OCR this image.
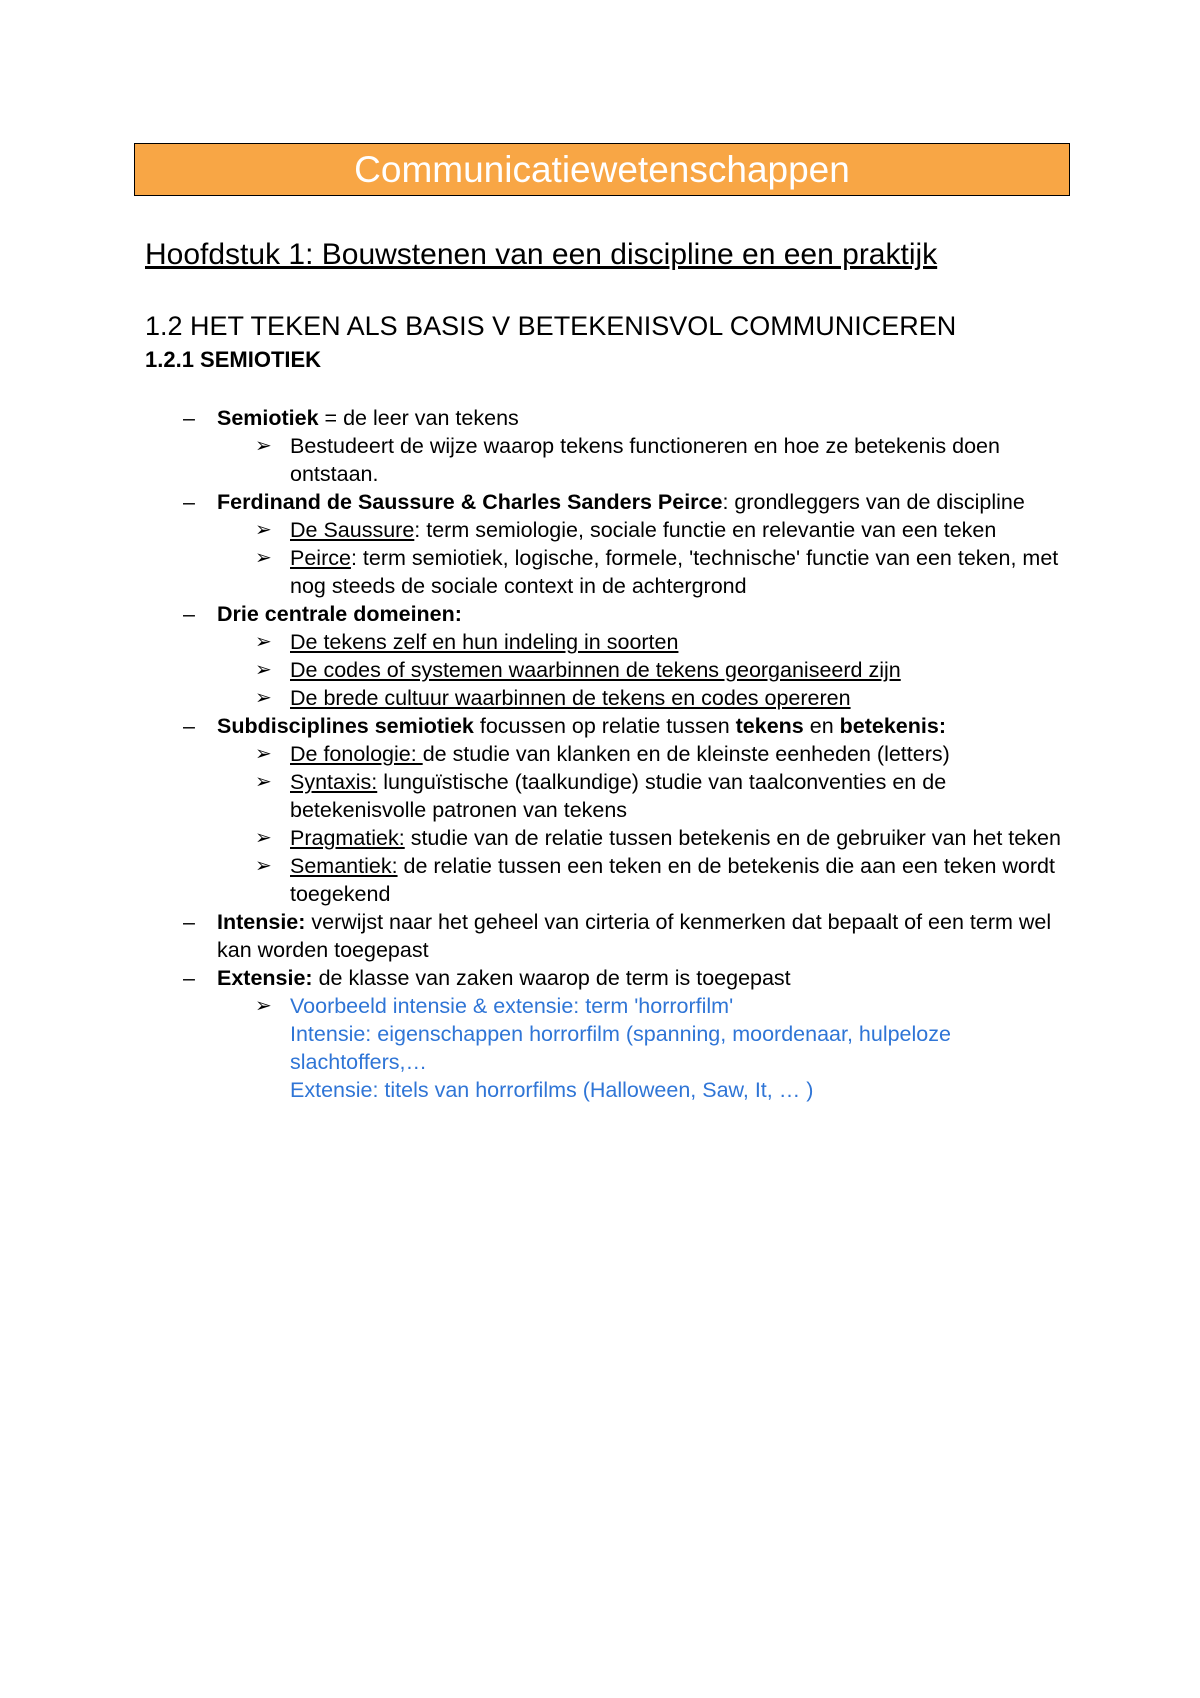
Communicatiewetenschappen
Hoofdstuk 1: Bouwstenen van een discipline en een praktijk
1.2 HET TEKEN ALS BASIS V BETEKENISVOL COMMUNICEREN
1.2.1 SEMIOTIEK
– Semiotiek = de leer van tekens
➢ Bestudeert de wijze waarop tekens functioneren en hoe ze betekenis doen ontstaan.
– Ferdinand de Saussure & Charles Sanders Peirce: grondleggers van de discipline
➢ De Saussure: term semiologie, sociale functie en relevantie van een teken
➢ Peirce: term semiotiek, logische, formele, 'technische' functie van een teken, met nog steeds de sociale context in de achtergrond
– Drie centrale domeinen:
➢ De tekens zelf en hun indeling in soorten
➢ De codes of systemen waarbinnen de tekens georganiseerd zijn
➢ De brede cultuur waarbinnen de tekens en codes opereren
– Subdisciplines semiotiek focussen op relatie tussen tekens en betekenis:
➢ De fonologie: de studie van klanken en de kleinste eenheden (letters)
➢ Syntaxis: lunguïstische (taalkundige) studie van taalconventies en de betekenisvolle patronen van tekens
➢ Pragmatiek: studie van de relatie tussen betekenis en de gebruiker van het teken
➢ Semantiek: de relatie tussen een teken en de betekenis die aan een teken wordt toegekend
– Intensie: verwijst naar het geheel van cirteria of kenmerken dat bepaalt of een term wel kan worden toegepast
– Extensie: de klasse van zaken waarop de term is toegepast
➢ Voorbeeld intensie & extensie: term 'horrorfilm'
Intensie: eigenschappen horrorfilm (spanning, moordenaar, hulpeloze slachtoffers,…
Extensie: titels van horrorfilms (Halloween, Saw, It, … )
